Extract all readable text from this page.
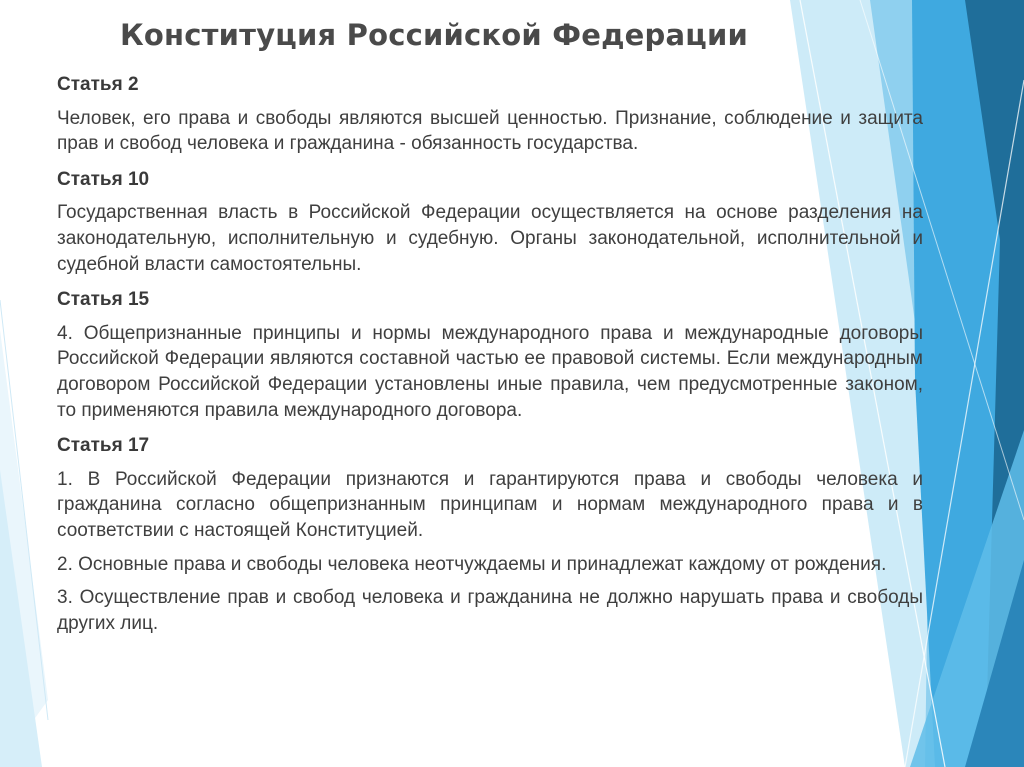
Конституция Российской Федерации
Статья 2
Человек, его права и свободы являются высшей ценностью. Признание, соблюдение и защита прав и свобод человека и гражданина - обязанность государства.
Статья 10
Государственная власть в Российской Федерации осуществляется на основе разделения на законодательную, исполнительную и судебную. Органы законодательной, исполнительной и судебной власти самостоятельны.
Статья 15
4. Общепризнанные принципы и нормы международного права и международные договоры Российской Федерации являются составной частью ее правовой системы. Если международным договором Российской Федерации установлены иные правила, чем предусмотренные законом, то применяются правила международного договора.
Статья 17
1. В Российской Федерации признаются и гарантируются права и свободы человека и гражданина согласно общепризнанным принципам и нормам международного права и в соответствии с настоящей Конституцией.
2. Основные права и свободы человека неотчуждаемы и принадлежат каждому от рождения.
3. Осуществление прав и свобод человека и гражданина не должно нарушать права и свободы других лиц.
